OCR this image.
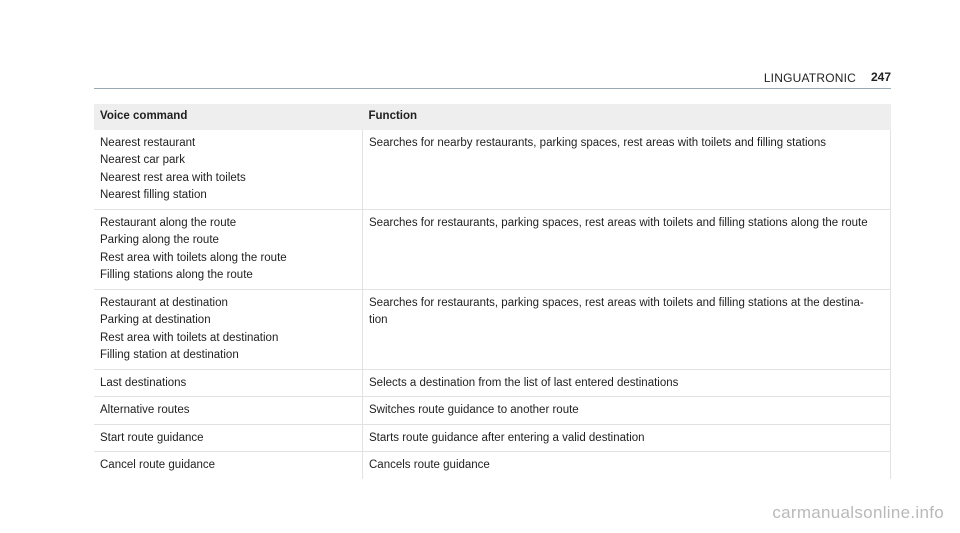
LINGUATRONIC 247
Voice command	Function

Nearest restaurant
Nearest car park
Nearest rest area with toilets
Nearest filling station	Searches for nearby restaurants, parking spaces, rest areas with toilets and filling stations

Restaurant along the route
Parking along the route
Rest area with toilets along the route
Filling stations along the route	Searches for restaurants, parking spaces, rest areas with toilets and filling stations along the route

Restaurant at destination
Parking at destination
Rest area with toilets at destination
Filling station at destination	Searches for restaurants, parking spaces, rest areas with toilets and filling stations at the destina- tion
Last destinations	Selects a destination from the list of last entered destinations
Alternative routes	Switches route guidance to another route
Start route guidance	Starts route guidance after entering a valid destination
Cancel route guidance	Cancels route guidance
carmanualsonline.info
